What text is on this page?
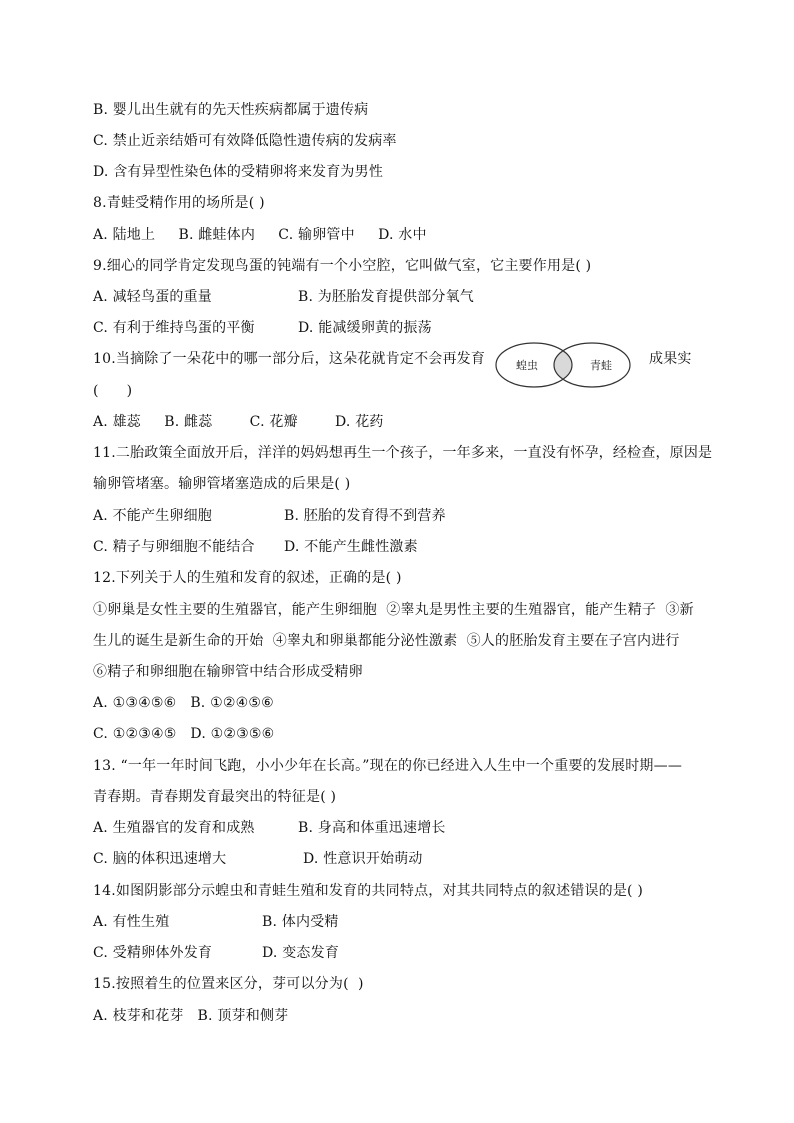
B. 婴儿出生就有的先天性疾病都属于遗传病
C. 禁止近亲结婚可有效降低隐性遗传病的发病率
D. 含有异型性染色体的受精卵将来发育为男性
8.青蛙受精作用的场所是( )
A. 陆地上     B. 雌蛙体内     C. 输卵管中     D. 水中
9.细心的同学肯定发现鸟蛋的钝端有一个小空腔，它叫做气室，它主要作用是( )
A. 减轻鸟蛋的重量	B. 为胚胎发育提供部分氧气
C. 有利于维持鸟蛋的平衡	D. 能减缓卵黄的振荡
10.当摘除了一朵花中的哪一部分后，这朵花就肯定不会再发育	蝗虫	青蛙	成果实
(      )
A. 雄蕊     B. 雌蕊        C. 花瓣        D. 花药
11.二胎政策全面放开后，洋洋的妈妈想再生一个孩子，一年多来，一直没有怀孕，经检查，原因是
输卵管堵塞。输卵管堵塞造成的后果是( )
A. 不能产生卵细胞	B. 胚胎的发育得不到营养
C. 精子与卵细胞不能结合 D. 不能产生雌性激素
12.下列关于人的生殖和发育的叙述，正确的是( )
①卵巢是女性主要的生殖器官，能产生卵细胞  ②睾丸是男性主要的生殖器官，能产生精子  ③新
生儿的诞生是新生命的开始  ④睾丸和卵巢都能分泌性激素  ⑤人的胚胎发育主要在子宫内进行
⑥精子和卵细胞在输卵管中结合形成受精卵
A. ①③④⑤⑥   B. ①②④⑤⑥
C. ①②③④⑤   D. ①②③⑤⑥
13. “一年一年时间飞跑，小小少年在长高。”现在的你已经进入人生中一个重要的发展时期——
青春期。青春期发育最突出的特征是( )
A. 生殖器官的发育和成熟	B. 身高和体重迅速增长
C. 脑的体积迅速增大	D. 性意识开始萌动
14.如图阴影部分示蝗虫和青蛙生殖和发育的共同特点，对其共同特点的叙述错误的是( )
A. 有性生殖	B. 体内受精
C. 受精卵体外发育	D. 变态发育
15.按照着生的位置来区分，芽可以分为(  )
A. 枝芽和花芽   B. 顶芽和侧芽
